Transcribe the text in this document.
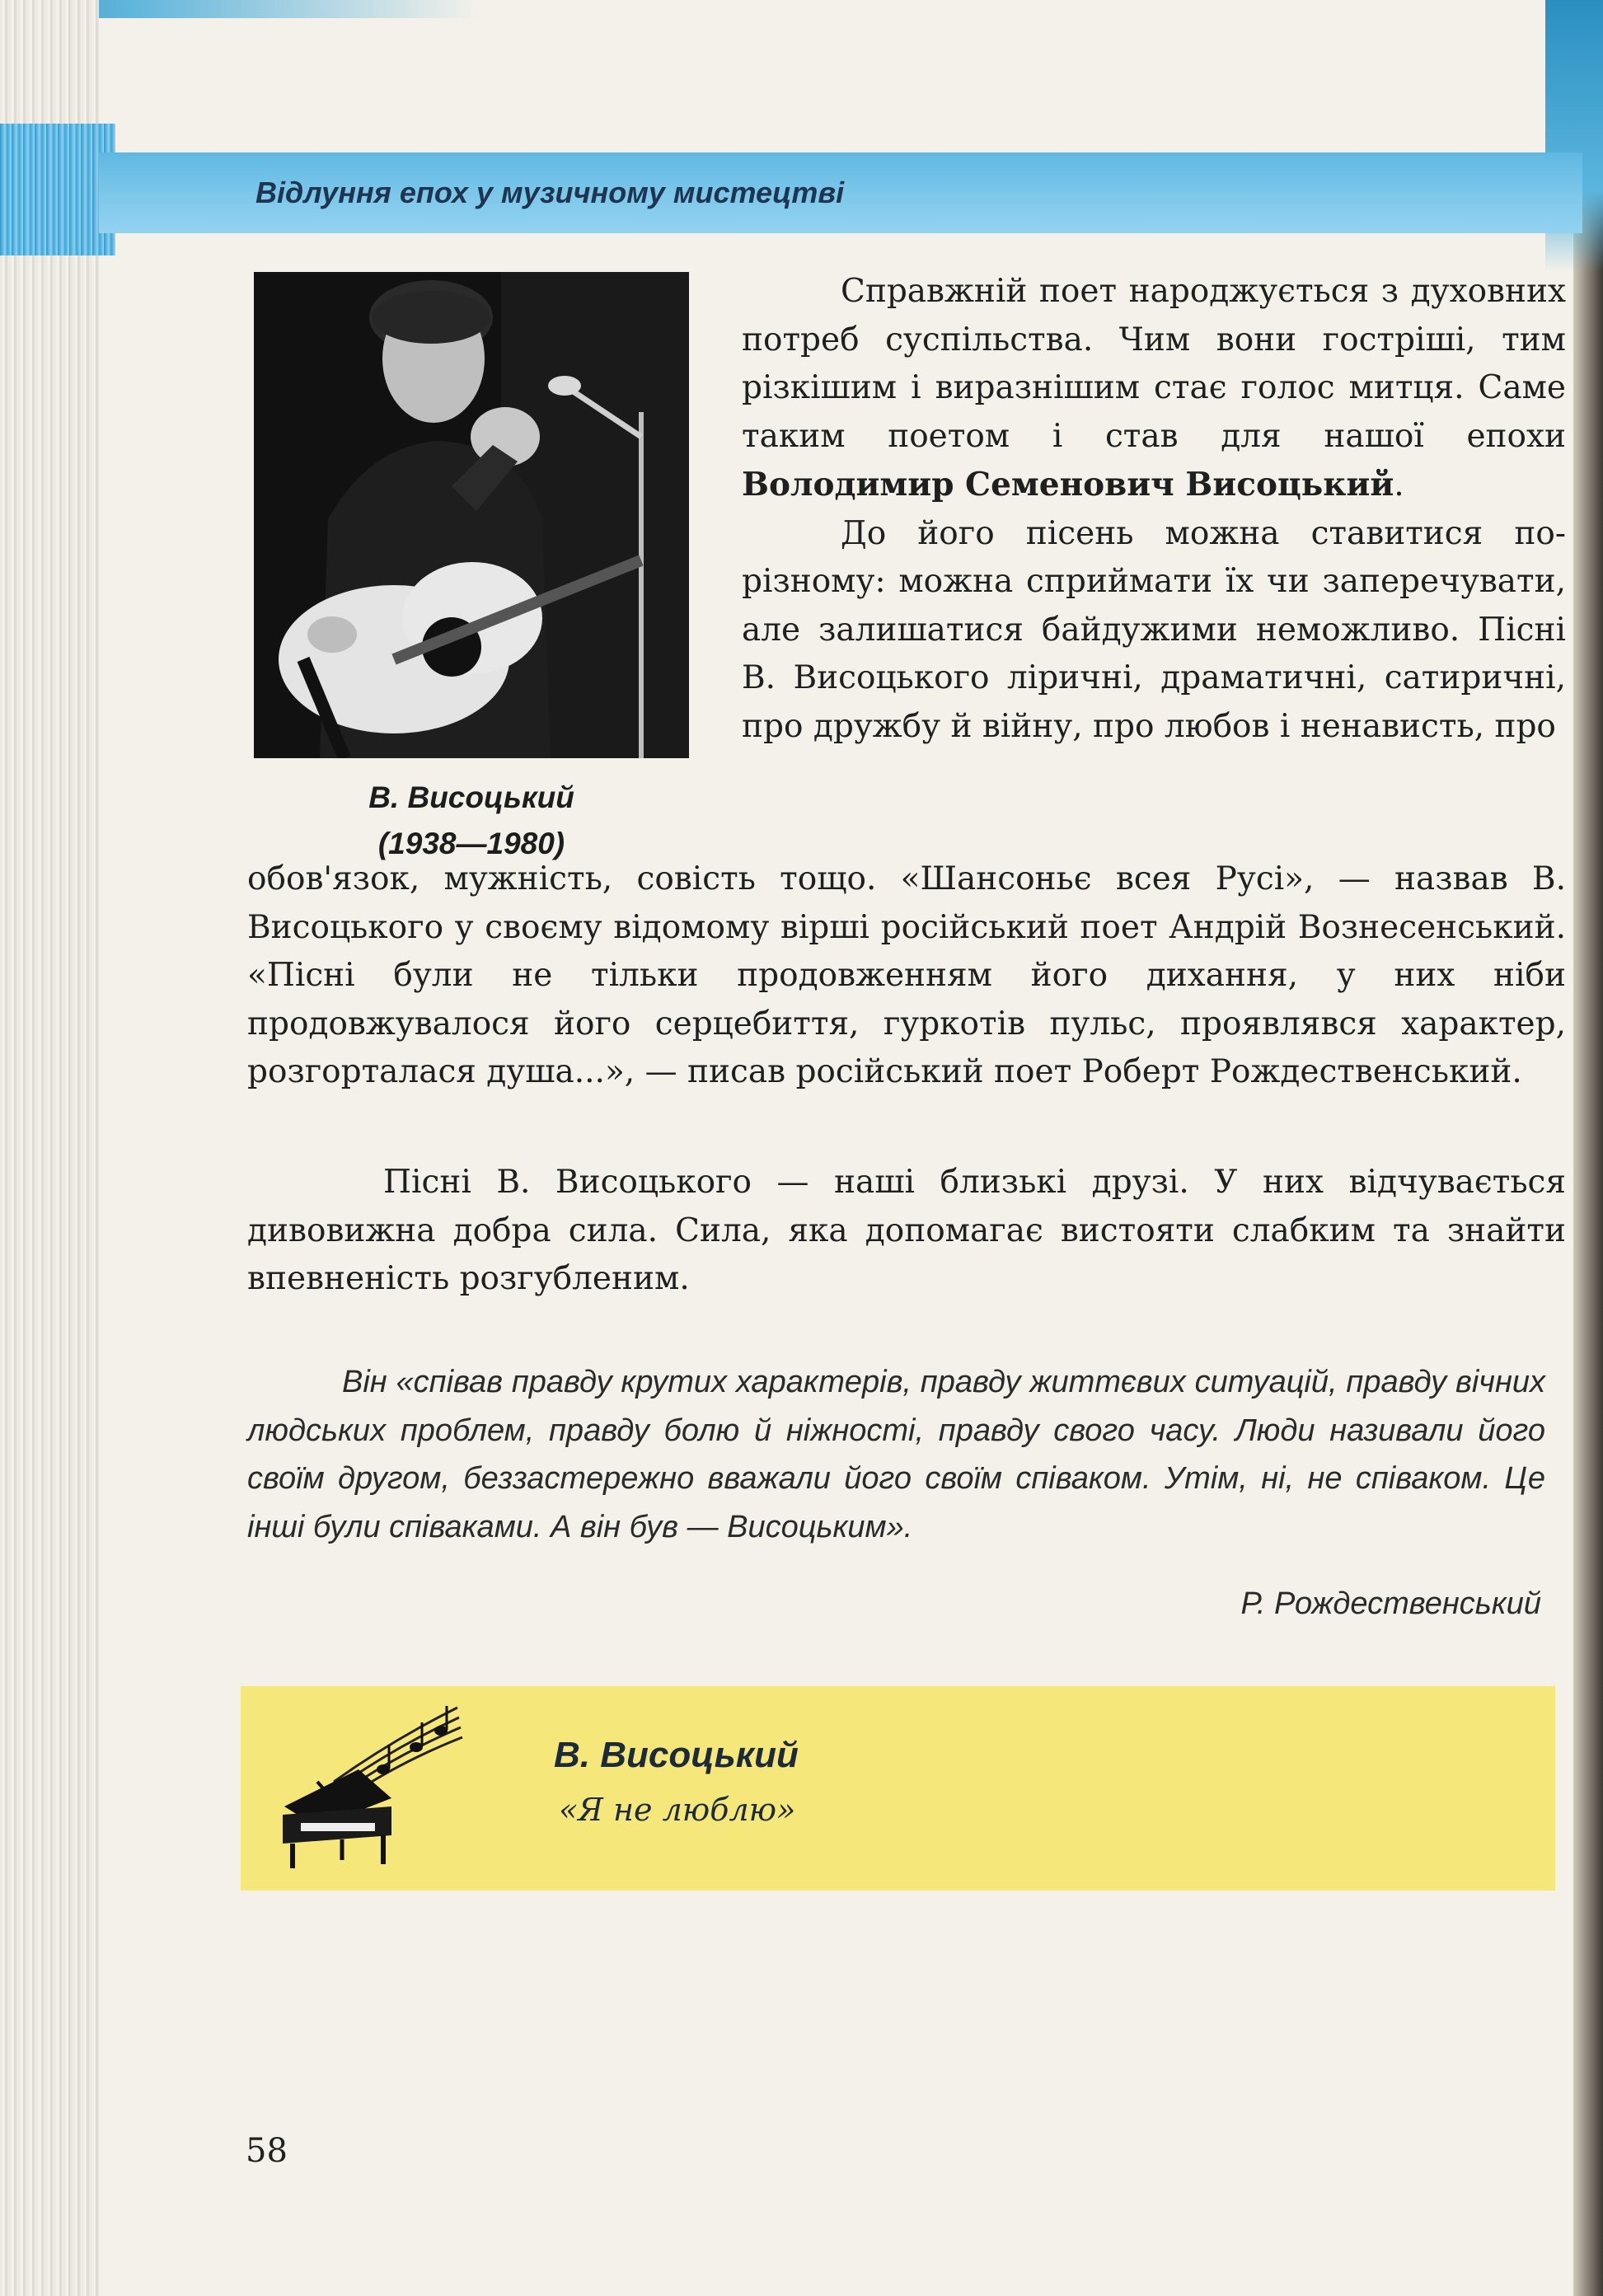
Відлуння епох у музичному мистецтві
В. Висоцький
(1938—1980)

Справжній поет народжується з духовних потреб суспільства. Чим вони гостріші, тим різкішим і виразнішим стає голос митця. Саме таким поетом і став для нашої епохи Володимир Семенович Висоцький.

До його пісень можна ставитися по-різному: можна сприймати їх чи заперечувати, але залишатися байдужими неможливо. Пісні В. Висоцького ліричні, драматичні, сатиричні, про дружбу й війну, про любов і ненависть, про

обов'язок, мужність, совість тощо. «Шансоньє всея Русі», — назвав В. Висоцького у своєму відомому вірші російський поет Андрій Вознесенський. «Пісні були не тільки продовженням його дихання, у них ніби продовжувалося його серцебиття, гуркотів пульс, проявлявся характер, розгорталася душа...», — писав російський поет Роберт Рождественський.

Пісні В. Висоцького — наші близькі друзі. У них відчувається дивовижна добра сила. Сила, яка допомагає вистояти слабким та знайти впевненість розгубленим.

Він «співав правду крутих характерів, правду життєвих ситуацій, правду вічних людських проблем, правду болю й ніжності, правду свого часу. Люди називали його своїм другом, беззастережно вважали його своїм співаком. Утім, ні, не співаком. Це інші були співаками. А він був — Висоцьким».

Р. Рождественський
В. Висоцький
«Я не люблю»
58
